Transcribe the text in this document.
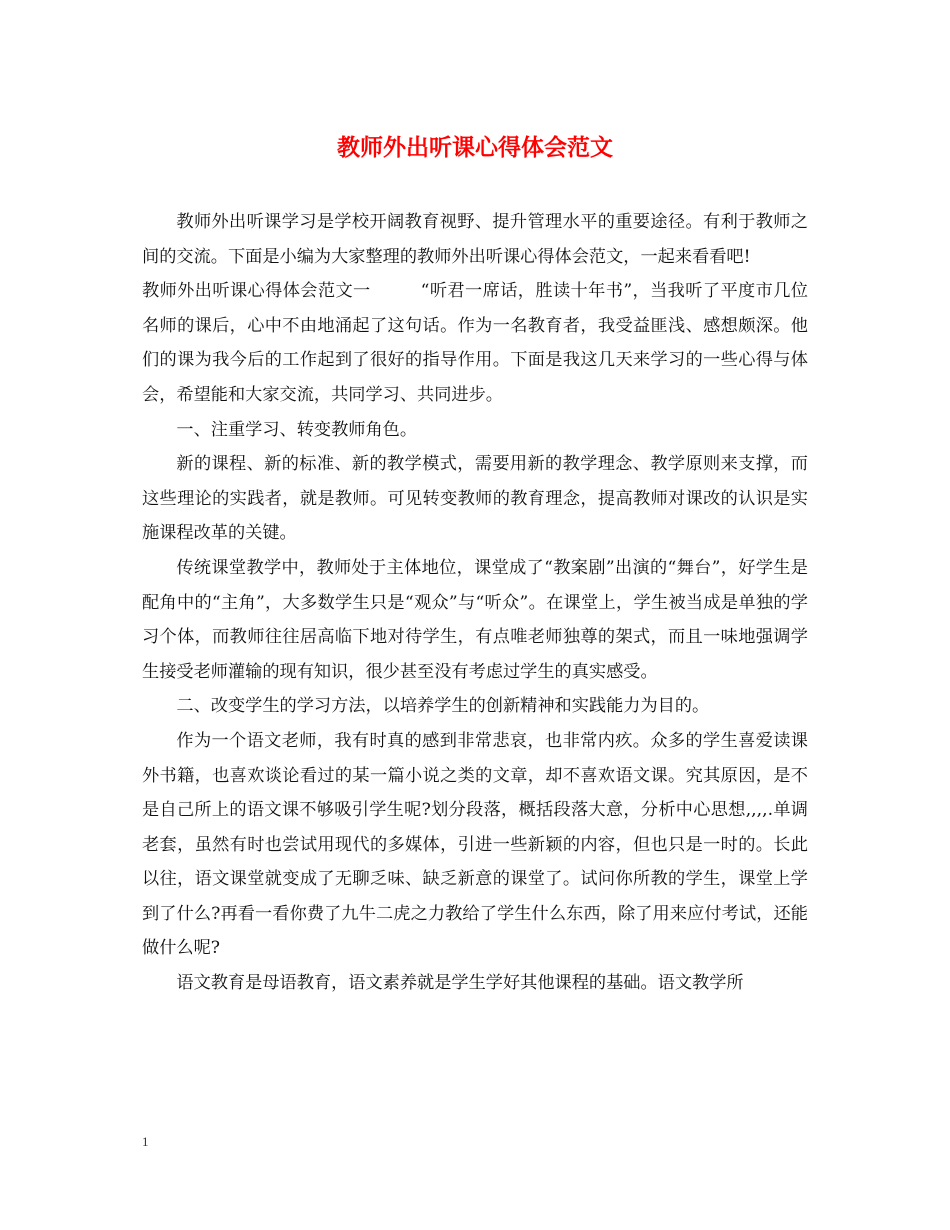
教师外出听课心得体会范文

教师外出听课学习是学校开阔教育视野、提升管理水平的重要途径。有利于教师之间的交流。下面是小编为大家整理的教师外出听课心得体会范文，一起来看看吧!

教师外出听课心得体会范文一	“听君一席话，胜读十年书”，当我听了平度市几位名师的课后，心中不由地涌起了这句话。作为一名教育者，我受益匪浅、感想颇深。他们的课为我今后的工作起到了很好的指导作用。下面是我这几天来学习的一些心得与体会，希望能和大家交流，共同学习、共同进步。

一、注重学习、转变教师角色。

新的课程、新的标准、新的教学模式，需要用新的教学理念、教学原则来支撑，而这些理论的实践者，就是教师。可见转变教师的教育理念，提高教师对课改的认识是实施课程改革的关键。

传统课堂教学中，教师处于主体地位，课堂成了“教案剧”出演的“舞台”，好学生是配角中的“主角”，大多数学生只是“观众”与“听众”。在课堂上，学生被当成是单独的学习个体，而教师往往居高临下地对待学生，有点唯老师独尊的架式，而且一味地强调学生接受老师灌输的现有知识，很少甚至没有考虑过学生的真实感受。

二、改变学生的学习方法，以培养学生的创新精神和实践能力为目的。

作为一个语文老师，我有时真的感到非常悲哀，也非常内疚。众多的学生喜爱读课外书籍，也喜欢谈论看过的某一篇小说之类的文章，却不喜欢语文课。究其原因，是不是自己所上的语文课不够吸引学生呢?划分段落，概括段落大意，分析中心思想,,,,.单调老套，虽然有时也尝试用现代的多媒体，引进一些新颖的内容，但也只是一时的。长此以往，语文课堂就变成了无聊乏味、缺乏新意的课堂了。试问你所教的学生，课堂上学到了什么?再看一看你费了九牛二虎之力教给了学生什么东西，除了用来应付考试，还能做什么呢?

语文教育是母语教育，语文素养就是学生学好其他课程的基础。语文教学所

1
